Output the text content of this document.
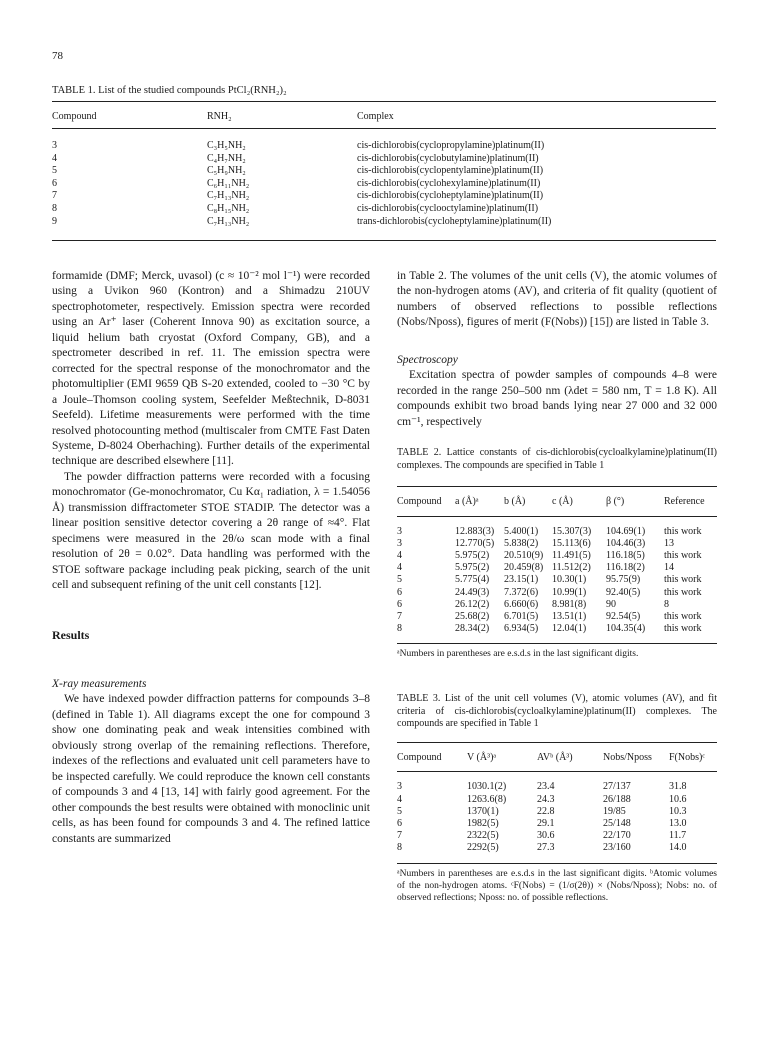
78
TABLE 1. List of the studied compounds PtCl₂(RNH₂)₂
Compound	RNH₂	Complex
3	C₃H₅NH₂	cis-dichlorobis(cyclopropylamine)platinum(II)
4	C₄H₇NH₂	cis-dichlorobis(cyclobutylamine)platinum(II)
5	C₅H₉NH₂	cis-dichlorobis(cyclopentylamine)platinum(II)
6	C₆H₁₁NH₂	cis-dichlorobis(cyclohexylamine)platinum(II)
7	C₇H₁₃NH₂	cis-dichlorobis(cycloheptylamine)platinum(II)
8	C₈H₁₅NH₂	cis-dichlorobis(cyclooctylamine)platinum(II)
9	C₇H₁₃NH₂	trans-dichlorobis(cycloheptylamine)platinum(II)

formamide (DMF; Merck, uvasol) (c ≈ 10⁻² mol l⁻¹) were recorded using a Uvikon 960 (Kontron) and a Shimadzu 210UV spectrophotometer, respectively. Emission spectra were recorded using an Ar⁺ laser (Coherent Innova 90) as excitation source, a liquid helium bath cryostat (Oxford Company, GB), and a spectrometer described in ref. 11. The emission spectra were corrected for the spectral response of the monochromator and the photomultiplier (EMI 9659 QB S-20 extended, cooled to −30 °C by a Joule–Thomson cooling system, Seefelder Meßtechnik, D-8031 Seefeld). Lifetime measurements were performed with the time resolved photocounting method (multiscaler from CMTE Fast Daten Systeme, D-8024 Oberhaching). Further details of the experimental technique are described elsewhere [11].

The powder diffraction patterns were recorded with a focusing monochromator (Ge-monochromator, Cu Kα₁ radiation, λ = 1.54056 Å) transmission diffractometer STOE STADIP. The detector was a linear position sensitive detector covering a 2θ range of ≈4°. Flat specimens were measured in the 2θ/ω scan mode with a final resolution of 2θ = 0.02°. Data handling was performed with the STOE software package including peak picking, search of the unit cell and subsequent refining of the unit cell constants [12].

Results

X-ray measurements

We have indexed powder diffraction patterns for compounds 3–8 (defined in Table 1). All diagrams except the one for compound 3 show one dominating peak and weak intensities combined with obviously strong overlap of the remaining reflections. Therefore, indexes of the reflections and evaluated unit cell parameters have to be inspected carefully. We could reproduce the known cell constants of compounds 3 and 4 [13, 14] with fairly good agreement. For the other compounds the best results were obtained with monoclinic unit cells, as has been found for compounds 3 and 4. The refined lattice constants are summarized

in Table 2. The volumes of the unit cells (V), the atomic volumes of the non-hydrogen atoms (AV), and criteria of fit quality (quotient of numbers of observed reflections to possible reflections (Nobs/Nposs), figures of merit (F(Nobs)) [15]) are listed in Table 3.

Spectroscopy

Excitation spectra of powder samples of compounds 4–8 were recorded in the range 250–500 nm (λdet = 580 nm, T = 1.8 K). All compounds exhibit two broad bands lying near 27 000 and 32 000 cm⁻¹, respectively

TABLE 2. Lattice constants of cis-dichlorobis(cycloalkylamine)platinum(II) complexes. The compounds are specified in Table 1

Compound	a (Å)ᵃ	b (Å)	c (Å)	β (°)	Reference
3	12.883(3)	5.400(1)	15.307(3)	104.69(1)	this work
3	12.770(5)	5.838(2)	15.113(6)	104.46(3)	13
4	5.975(2)	20.510(9)	11.491(5)	116.18(5)	this work
4	5.975(2)	20.459(8)	11.512(2)	116.18(2)	14
5	5.775(4)	23.15(1)	10.30(1)	95.75(9)	this work
6	24.49(3)	7.372(6)	10.99(1)	92.40(5)	this work
6	26.12(2)	6.660(6)	8.981(8)	90	8
7	25.68(2)	6.701(5)	13.51(1)	92.54(5)	this work
8	28.34(2)	6.934(5)	12.04(1)	104.35(4)	this work

ᵃNumbers in parentheses are e.s.d.s in the last significant digits.

TABLE 3. List of the unit cell volumes (V), atomic volumes (AV), and fit criteria of cis-dichlorobis(cycloalkylamine)platinum(II) complexes. The compounds are specified in Table 1

Compound	V (Å³)ᵃ	AVᵇ (Å³)	Nobs/Nposs	F(Nobs)ᶜ
3	1030.1(2)	23.4	27/137	31.8
4	1263.6(8)	24.3	26/188	10.6
5	1370(1)	22.8	19/85	10.3
6	1982(5)	29.1	25/148	13.0
7	2322(5)	30.6	22/170	11.7
8	2292(5)	27.3	23/160	14.0

ᵃNumbers in parentheses are e.s.d.s in the last significant digits. ᵇAtomic volumes of the non-hydrogen atoms. ᶜF(Nobs) = (1/σ(2θ)) × (Nobs/Nposs); Nobs: no. of observed reflections; Nposs: no. of possible reflections.
